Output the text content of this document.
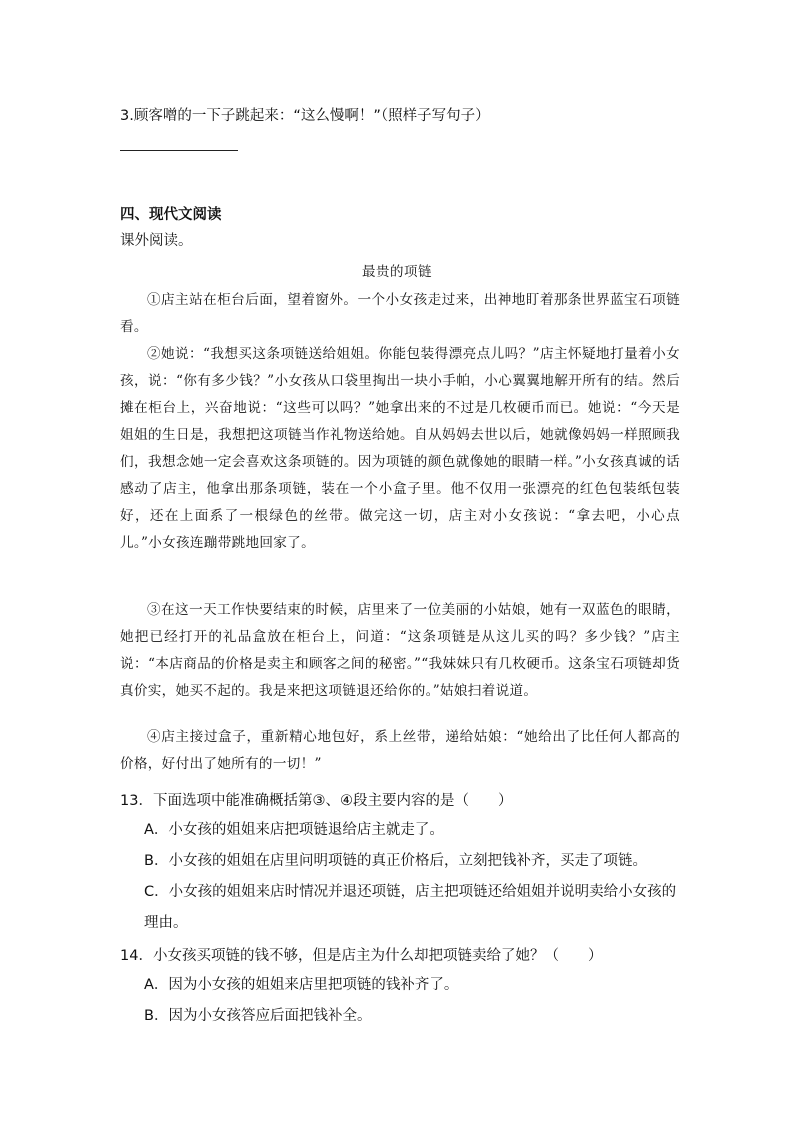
3.顾客噌的一下子跳起来：“这么慢啊！”（照样子写句子）

四、现代文阅读

课外阅读。

最贵的项链

①店主站在柜台后面，望着窗外。一个小女孩走过来，出神地盯着那条世界蓝宝石项链看。

②她说：“我想买这条项链送给姐姐。你能包装得漂亮点儿吗？”店主怀疑地打量着小女孩，说：“你有多少钱？”小女孩从口袋里掏出一块小手帕，小心翼翼地解开所有的结。然后摊在柜台上，兴奋地说：“这些可以吗？”她拿出来的不过是几枚硬币而已。她说：“今天是姐姐的生日是，我想把这项链当作礼物送给她。自从妈妈去世以后，她就像妈妈一样照顾我们，我想念她一定会喜欢这条项链的。因为项链的颜色就像她的眼睛一样。”小女孩真诚的话感动了店主，他拿出那条项链，装在一个小盒子里。他不仅用一张漂亮的红色包装纸包装好，还在上面系了一根绿色的丝带。做完这一切，店主对小女孩说：“拿去吧，小心点儿。”小女孩连蹦带跳地回家了。

③在这一天工作快要结束的时候，店里来了一位美丽的小姑娘，她有一双蓝色的眼睛，她把已经打开的礼品盒放在柜台上，问道：“这条项链是从这儿买的吗？多少钱？”店主说：“本店商品的价格是卖主和顾客之间的秘密。”“我妹妹只有几枚硬币。这条宝石项链却货真价实，她买不起的。我是来把这项链退还给你的。”姑娘扫着说道。

④店主接过盒子，重新精心地包好，系上丝带，递给姑娘：“她给出了比任何人都高的价格，好付出了她所有的一切！”

13．下面选项中能准确概括第③、④段主要内容的是（　　）

A．小女孩的姐姐来店把项链退给店主就走了。

B．小女孩的姐姐在店里问明项链的真正价格后，立刻把钱补齐，买走了项链。

C．小女孩的姐姐来店时情况并退还项链，店主把项链还给姐姐并说明卖给小女孩的理由。

14．小女孩买项链的钱不够，但是店主为什么却把项链卖给了她？（　　）

A．因为小女孩的姐姐来店里把项链的钱补齐了。

B．因为小女孩答应后面把钱补全。
